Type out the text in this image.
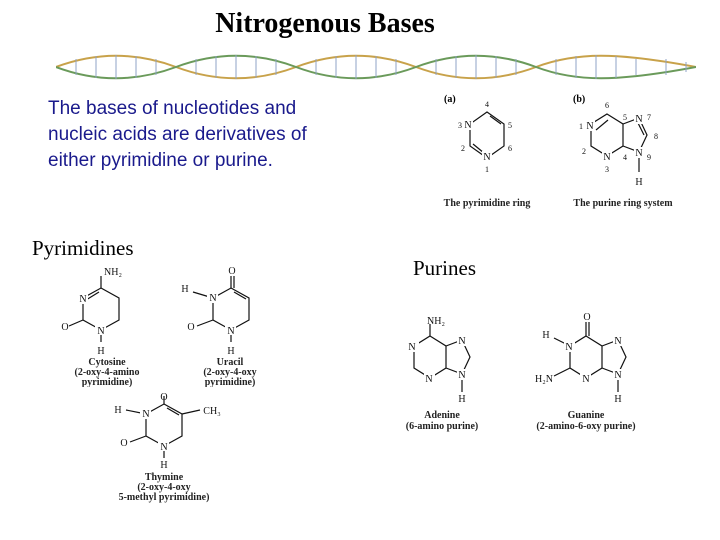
Nitrogenous Bases
The bases of nucleotides and
nucleic acids are derivatives of
either pyrimidine or purine.
Pyrimidines
Purines
(a)
N
N
4
5
6
3
2
1
The pyrimidine ring
(b)
N
N
N
N
H
1
2
3
4
5
6
7
8
9
The purine ring system
NH₂
N
N
O
H
Cytosine
(2-oxy-4-amino
pyrimidine)
O
H
N
N
O
H
Uracil
(2-oxy-4-oxy
pyrimidine)
CH₃
O
H N
N
O
H
Thymine
(2-oxy-4-oxy
5-methyl pyrimidine)
NH₂
N
N
N
N
H
Adenine
(6-amino purine)
O
H
N
N
N
N
H₂N
H
Guanine
(2-amino-6-oxy purine)
